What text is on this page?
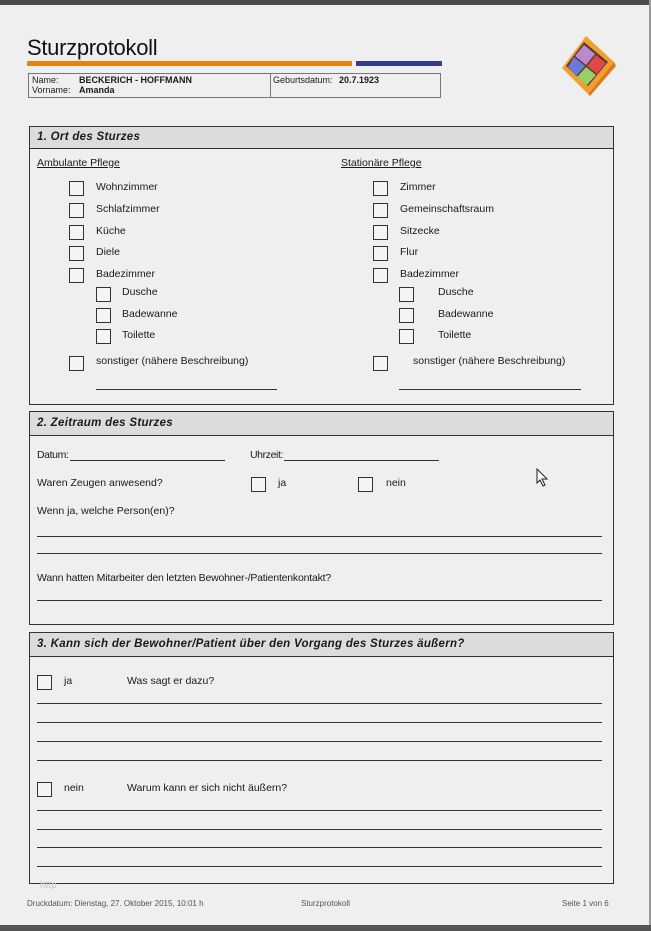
Sturzprotokoll
Name: BECKERICH - HOFFMANN
Vorname: Amanda
Geburtsdatum: 20.7.1923
1. Ort des Sturzes
Ambulante Pflege	Stationäre Pflege
Wohnzimmer
Schlafzimmer
Küche
Diele
Badezimmer
Dusche
Badewanne
Toilette
sonstiger (nähere Beschreibung)
Zimmer
Gemeinschaftsraum
Sitzecke
Flur
Badezimmer
Dusche
Badewanne
Toilette
sonstiger (nähere Beschreibung)
2. Zeitraum des Sturzes
Datum:	Uhrzeit:
Waren Zeugen anwesend?	ja	nein
Wenn ja, welche Person(en)?
Wann hatten Mitarbeiter den letzten Bewohner-/Patientenkontakt?
3. Kann sich der Bewohner/Patient über den Vorgang des Sturzes äußern?
ja	Was sagt er dazu?
nein	Warum kann er sich nicht äußern?
http
Druckdatum: Dienstag, 27. Oktober 2015, 10:01 h	Sturzprotokoll	Seite 1 von 6
